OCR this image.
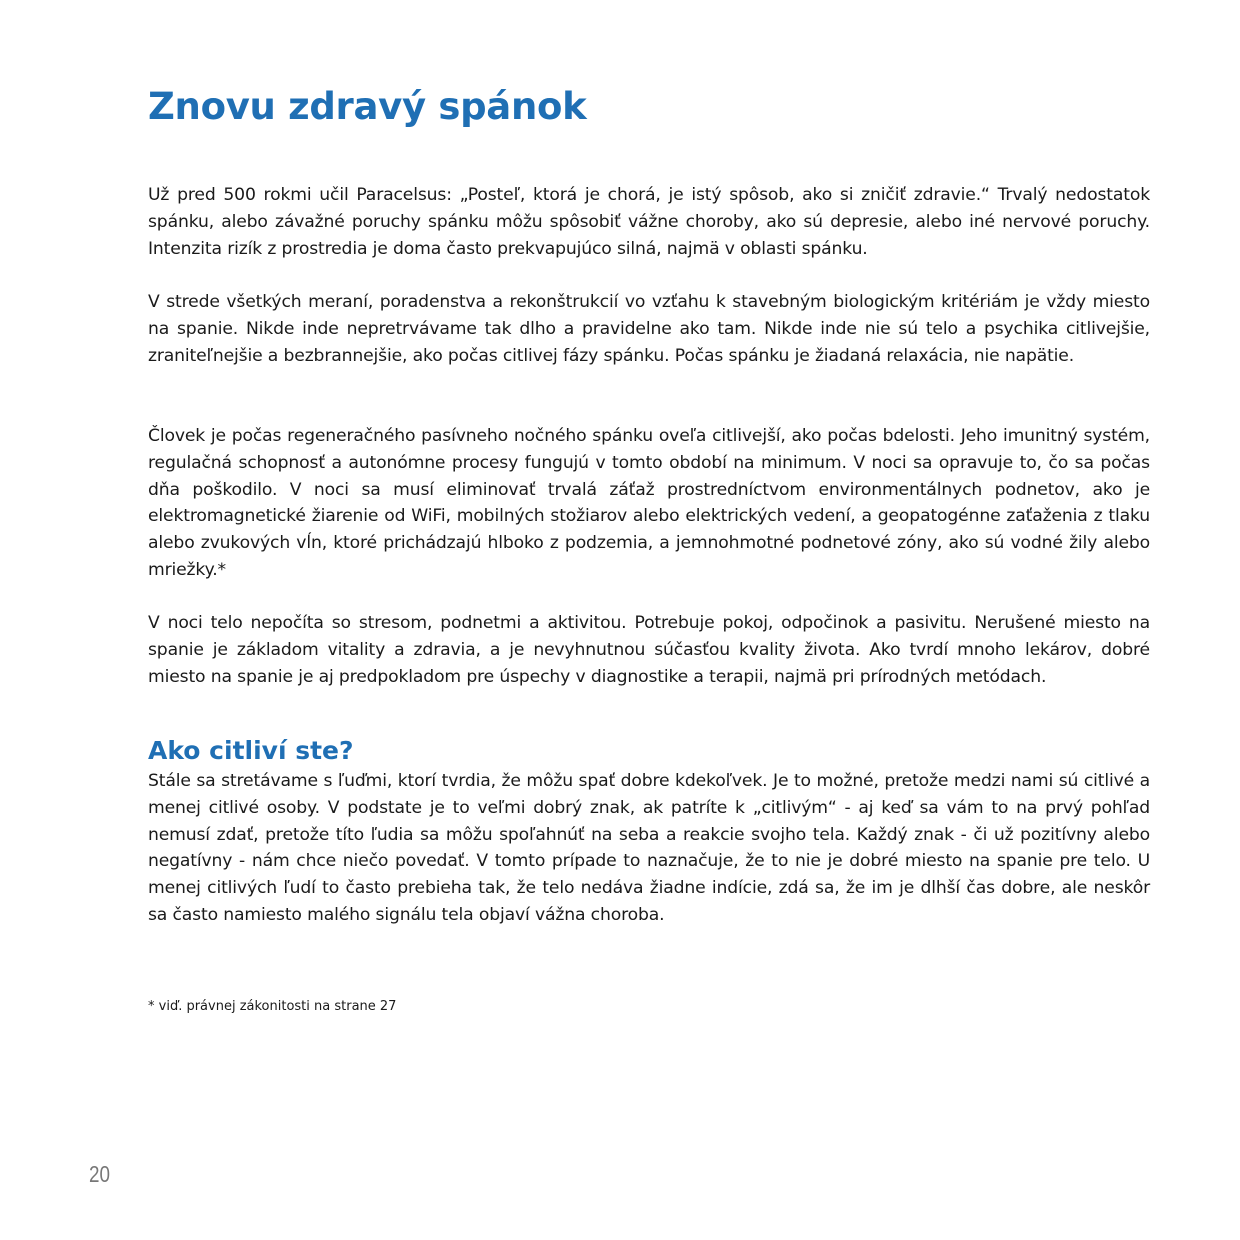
Znovu zdravý spánok

Už pred 500 rokmi učil Paracelsus: „Posteľ, ktorá je chorá, je istý spôsob, ako si zničiť zdravie.“ Trvalý nedostatok spánku, alebo závažné poruchy spánku môžu spôsobiť vážne choroby, ako sú depresie, alebo iné nervové poruchy. Intenzita rizík z prostredia je doma často prekvapujúco silná, najmä v oblasti spánku.

V strede všetkých meraní, poradenstva a rekonštrukcií vo vzťahu k stavebným biologickým kritériám je vždy miesto na spanie. Nikde inde nepretrvávame tak dlho a pravidelne ako tam. Nikde inde nie sú telo a psychika citlivejšie, zraniteľnejšie a bezbrannejšie, ako počas citlivej fázy spánku. Počas spánku je žiadaná relaxácia, nie napätie.

Človek je počas regeneračného pasívneho nočného spánku oveľa citlivejší, ako počas bdelosti. Jeho imunitný systém, regulačná schopnosť a autonómne procesy fungujú v tomto období na minimum. V noci sa opravuje to, čo sa počas dňa poškodilo. V noci sa musí eliminovať trvalá záťaž prostredníctvom environmentálnych podnetov, ako je elektromagnetické žiarenie od WiFi, mobilných stožiarov alebo elektrických vedení, a geopatogénne zaťaženia z tlaku alebo zvukových vĺn, ktoré prichádzajú hlboko z podzemia, a jemnohmotné podnetové zóny, ako sú vodné žily alebo mriežky.*

V noci telo nepočíta so stresom, podnetmi a aktivitou. Potrebuje pokoj, odpočinok a pasivitu. Nerušené miesto na spanie je základom vitality a zdravia, a je nevyhnutnou súčasťou kvality života. Ako tvrdí mnoho lekárov, dobré miesto na spanie je aj predpokladom pre úspechy v diagnostike a terapii, najmä pri prírodných metódach.

Ako citliví ste?

Stále sa stretávame s ľuďmi, ktorí tvrdia, že môžu spať dobre kdekoľvek. Je to možné, pretože medzi nami sú citlivé a menej citlivé osoby. V podstate je to veľmi dobrý znak, ak patríte k „citlivým“ - aj keď sa vám to na prvý pohľad nemusí zdať, pretože títo ľudia sa môžu spoľahnúť na seba a reakcie svojho tela. Každý znak - či už pozitívny alebo negatívny - nám chce niečo povedať. V tomto prípade to naznačuje, že to nie je dobré miesto na spanie pre telo. U menej citlivých ľudí to často prebieha tak, že telo nedáva žiadne indície, zdá sa, že im je dlhší čas dobre, ale neskôr sa často namiesto malého signálu tela objaví vážna choroba.

* viď. právnej zákonitosti na strane 27

20
